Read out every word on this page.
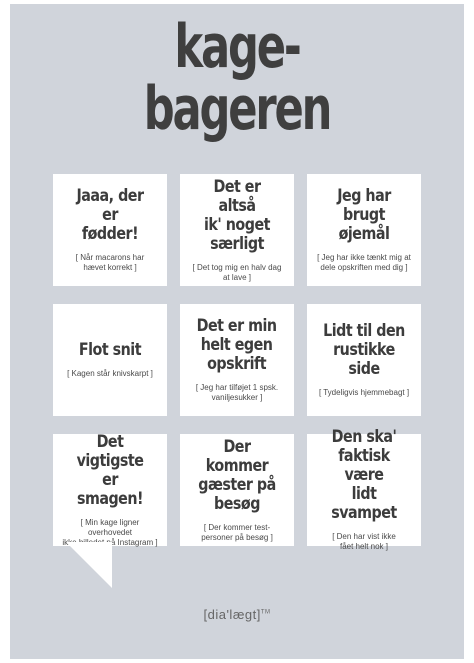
kage-
bageren
Jaaa, der er
fødder!
[ Når macarons har
hævet korrekt ]
Det er altså
ik' noget
særligt
[ Det tog mig en halv dag
at lave ]
Jeg har brugt
øjemål
[ Jeg har ikke tænkt mig at
dele opskriften med dig ]
Flot snit
[ Kagen står knivskarpt ]
Det er min
helt egen
opskrift
[ Jeg har tilføjet 1 spsk.
vaniljesukker ]
Lidt til den
rustikke side
[ Tydeligvis hjemmebagt ]
Det vigtigste
er smagen!
[ Min kage ligner overhovedet
ikke billedet på Instagram ]
Der kommer
gæster på
besøg
[ Der kommer test-
personer på besøg ]
Den ska'
faktisk være
lidt svampet
[ Den har vist ikke
fået helt nok ]
[dia'lægt]™
